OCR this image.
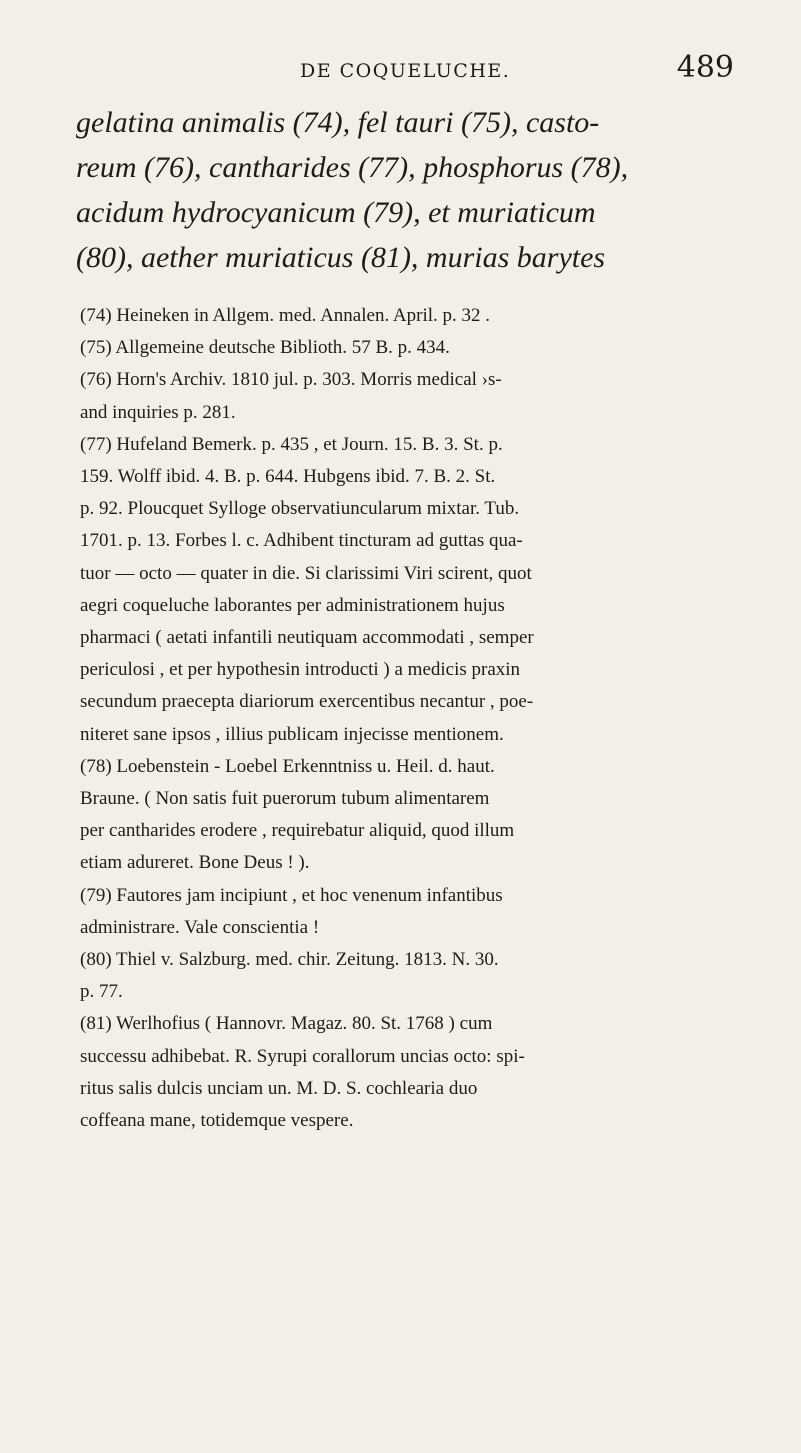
DE COQUELUCHE.	489
gelatina animalis (74), fel tauri (75), casto-
reum (76), cantharides (77), phosphorus (78),
acidum hydrocyanicum (79), et muriaticum
(80), aether muriaticus (81), murias barytes

(74) Heineken in Allgem. med. Annalen. April. p. 32 .

(75) Allgemeine deutsche Biblioth. 57 B. p. 434.

(76) Horn's Archiv. 1810 jul. p. 303. Morris medical ›s-
and inquiries p. 281.

(77) Hufeland Bemerk. p. 435 , et Journ. 15. B. 3. St. p.
159. Wolff ibid. 4. B. p. 644. Hubgens ibid. 7. B. 2. St.
p. 92. Ploucquet Sylloge observatiuncularum mixtar. Tub.
1701. p. 13. Forbes l. c. Adhibent tincturam ad guttas qua-
tuor — octo — quater in die. Si clarissimi Viri scirent, quot
aegri coqueluche laborantes per administrationem hujus
pharmaci ( aetati infantili neutiquam accommodati , semper
periculosi , et per hypothesin introducti ) a medicis praxin
secundum praecepta diariorum exercentibus necantur , poe-
niteret sane ipsos , illius publicam injecisse mentionem.

(78) Loebenstein - Loebel Erkenntniss u. Heil. d. haut.
Braune. ( Non satis fuit puerorum tubum alimentarem
per cantharides erodere , requirebatur aliquid, quod illum
etiam adureret. Bone Deus ! ).

(79) Fautores jam incipiunt , et hoc venenum infantibus
administrare. Vale conscientia !

(80) Thiel v. Salzburg. med. chir. Zeitung. 1813. N. 30.
p. 77.

(81) Werlhofius ( Hannovr. Magaz. 80. St. 1768 ) cum
successu adhibebat. R. Syrupi corallorum uncias octo: spi-
ritus salis dulcis unciam un. M. D. S. cochlearia duo
coffeana mane, totidemque vespere.
